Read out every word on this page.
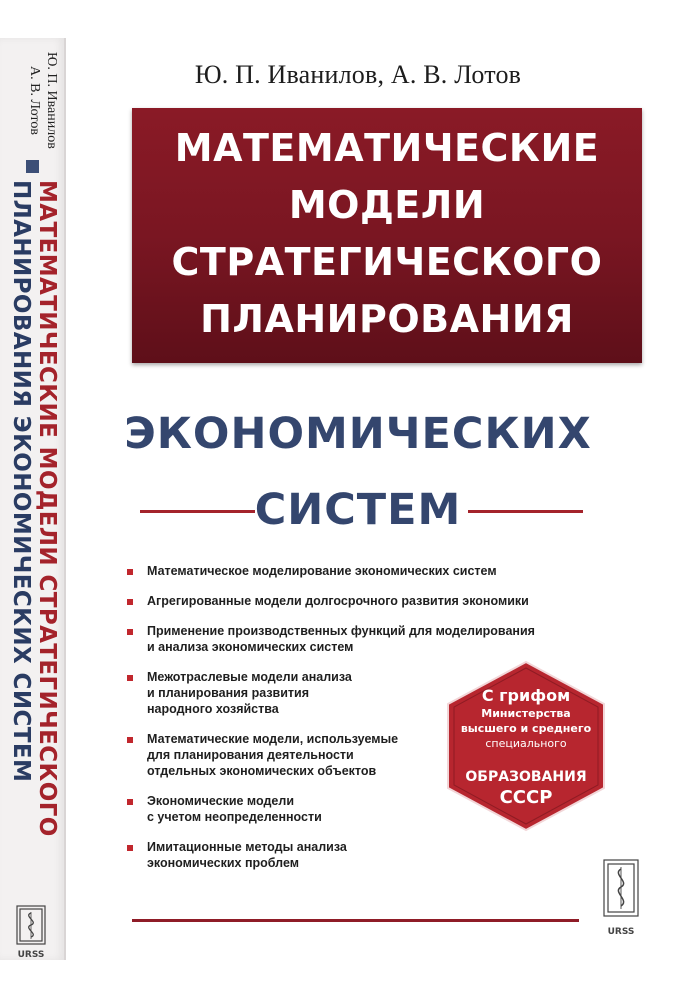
Ю. П. Иванилов
А. В. Лотов
МАТЕМАТИЧЕСКИЕ МОДЕЛИ СТРАТЕГИЧЕСКОГО
ПЛАНИРОВАНИЯ ЭКОНОМИЧЕСКИХ СИСТЕМ
URSS
Ю. П. Иванилов, А. В. Лотов
МАТЕМАТИЧЕСКИЕ
МОДЕЛИ
СТРАТЕГИЧЕСКОГО
ПЛАНИРОВАНИЯ
ЭКОНОМИЧЕСКИХ
СИСТЕМ
Математическое моделирование экономических систем
Агрегированные модели долгосрочного развития экономики
Применение производственных функций для моделирования
и анализа экономических систем
Межотраслевые модели анализа
и планирования развития
народного хозяйства
Математические модели, используемые
для планирования деятельности
отдельных экономических объектов
Экономические модели
с учетом неопределенности
Имитационные методы анализа
экономических проблем
С грифом
Министерства
высшего и среднего
специального
ОБРАЗОВАНИЯ
СССР
URSS
